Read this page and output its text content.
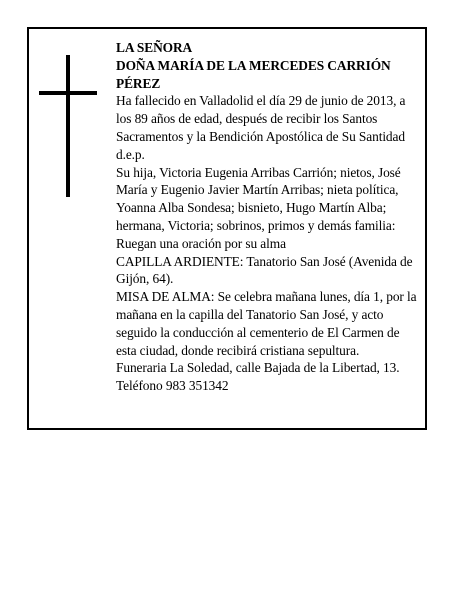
LA SEÑORA

DOÑA MARÍA DE LA MERCEDES CARRIÓN PÉREZ

Ha fallecido en Valladolid el día 29 de junio de 2013, a los 89 años de edad, después de recibir los Santos Sacramentos y la Bendición Apostólica de Su Santidad

d.e.p.

Su hija, Victoria Eugenia Arribas Carrión; nietos, José María y Eugenio Javier Martín Arribas; nieta política, Yoanna Alba Sondesa; bisnieto, Hugo Martín Alba; hermana, Victoria; sobrinos, primos y demás familia:

Ruegan una oración por su alma

CAPILLA ARDIENTE: Tanatorio San José (Avenida de Gijón, 64).

MISA DE ALMA: Se celebra mañana lunes, día 1, por la mañana en la capilla del Tanatorio San José, y acto seguido la conducción al cementerio de El Carmen de esta ciudad, donde recibirá cristiana sepultura.

Funeraria La Soledad, calle Bajada de la Libertad, 13.

Teléfono 983 351342
